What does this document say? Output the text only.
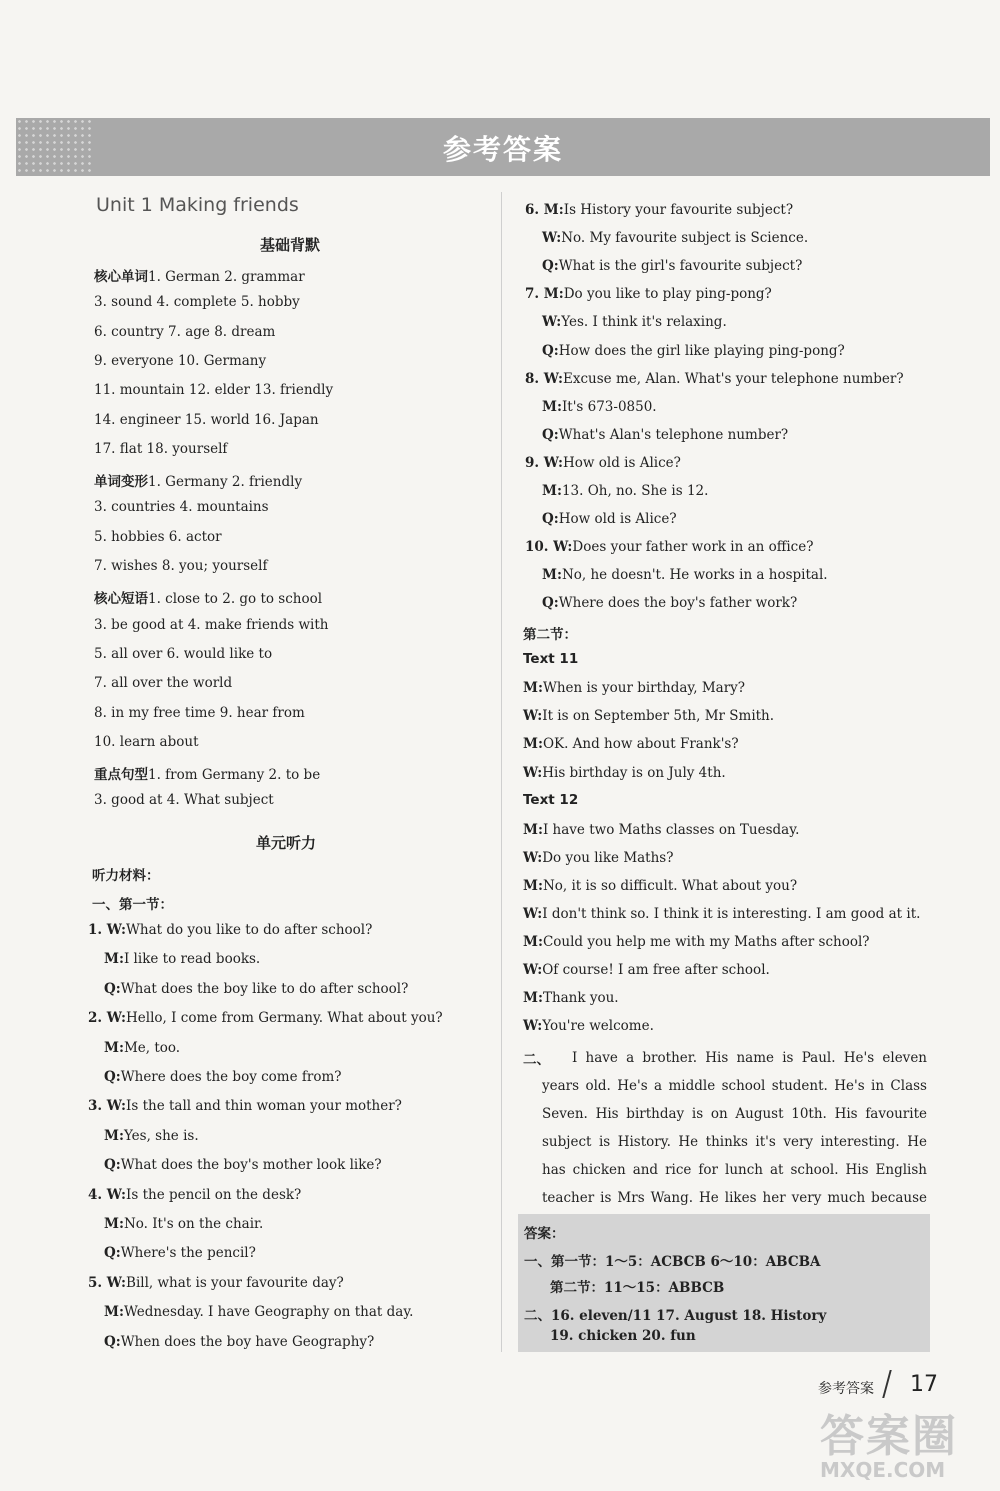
参考答案
Unit 1 Making friends
基础背默
核心单词1. German 2. grammar
3. sound 4. complete 5. hobby
6. country 7. age 8. dream
9. everyone 10. Germany
11. mountain 12. elder 13. friendly
14. engineer 15. world 16. Japan
17. flat 18. yourself
单词变形1. Germany 2. friendly
3. countries 4. mountains
5. hobbies 6. actor
7. wishes 8. you; yourself
核心短语1. close to 2. go to school
3. be good at 4. make friends with
5. all over 6. would like to
7. all over the world
8. in my free time 9. hear from
10. learn about
重点句型1. from Germany 2. to be
3. good at 4. What subject
单元听力
听力材料：
一、第一节：
1. W:What do you like to do after school?
M:I like to read books.
Q:What does the boy like to do after school?
2. W:Hello, I come from Germany. What about you?
M:Me, too.
Q:Where does the boy come from?
3. W:Is the tall and thin woman your mother?
M:Yes, she is.
Q:What does the boy's mother look like?
4. W:Is the pencil on the desk?
M:No. It's on the chair.
Q:Where's the pencil?
5. W:Bill, what is your favourite day?
M:Wednesday. I have Geography on that day.
Q:When does the boy have Geography?
6. M:Is History your favourite subject?
W:No. My favourite subject is Science.
Q:What is the girl's favourite subject?
7. M:Do you like to play ping-pong?
W:Yes. I think it's relaxing.
Q:How does the girl like playing ping-pong?
8. W:Excuse me, Alan. What's your telephone number?
M:It's 673-0850.
Q:What's Alan's telephone number?
9. W:How old is Alice?
M:13. Oh, no. She is 12.
Q:How old is Alice?
10. W:Does your father work in an office?
M:No, he doesn't. He works in a hospital.
Q:Where does the boy's father work?
第二节：
Text 11
M:When is your birthday, Mary?
W:It is on September 5th, Mr Smith.
M:OK. And how about Frank's?
W:His birthday is on July 4th.
Text 12
M:I have two Maths classes on Tuesday.
W:Do you like Maths?
M:No, it is so difficult. What about you?
W:I don't think so. I think it is interesting. I am good at it.
M:Could you help me with my Maths after school?
W:Of course! I am free after school.
M:Thank you.
W:You're welcome.
二、	I have a brother. His name is Paul. He's eleven years old. He's a middle school student. He's in Class Seven. His birthday is on August 10th. His favourite subject is History. He thinks it's very interesting. He has chicken and rice for lunch at school. His English teacher is Mrs Wang. He likes her very much because
答案：
一、第一节：1～5：ACBCB 6～10：ABCBA
第二节：11～15：ABBCB
二、16. eleven/11 17. August 18. History
19. chicken 20. fun
参考答案 17
答案圈
MXQE.COM
